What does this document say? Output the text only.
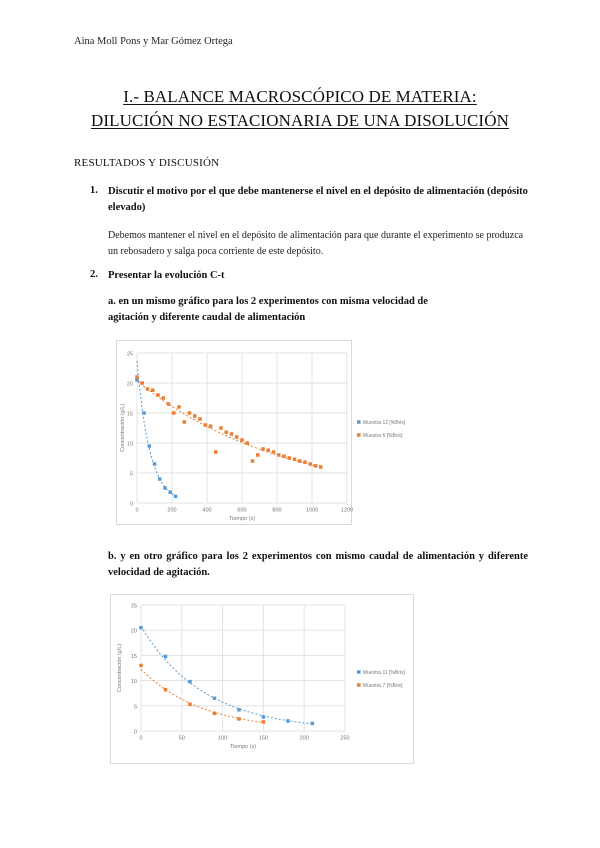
Aina Moll Pons y Mar Gómez Ortega
I.- BALANCE MACROSCÓPICO DE MATERIA:
DILUCIÓN NO ESTACIONARIA DE UNA DISOLUCIÓN
RESULTADOS Y DISCUSIÓN
1. Discutir el motivo por el que debe mantenerse el nivel en el depósito de alimentación (depósito elevado)
Debemos mantener el nivel en el depósito de alimentación para que durante el experimento se produzca un rebosadero y salga poca corriente de este depósito.
2. Presentar la evolución C-t
a. en un mismo gráfico para los 2 experimentos con misma velocidad de agitación y diferente caudal de alimentación
0
5
10
15
20
25
0	200	400	600	800	1000	1200
Tiempo (s)
Concentración (g/L)	Muestra 12 [%Brix]
Muestra 6 [%Brix]
b. y en otro gráfico para los 2 experimentos con mismo caudal de alimentación y diferente velocidad de agitación.
0
5
10
15
20
25
0	50	100	150	200	250
Tiempo (s)
Concentración (g/L)	Muestra 11 [%Brix]
Muestra 7 [%Brix]
